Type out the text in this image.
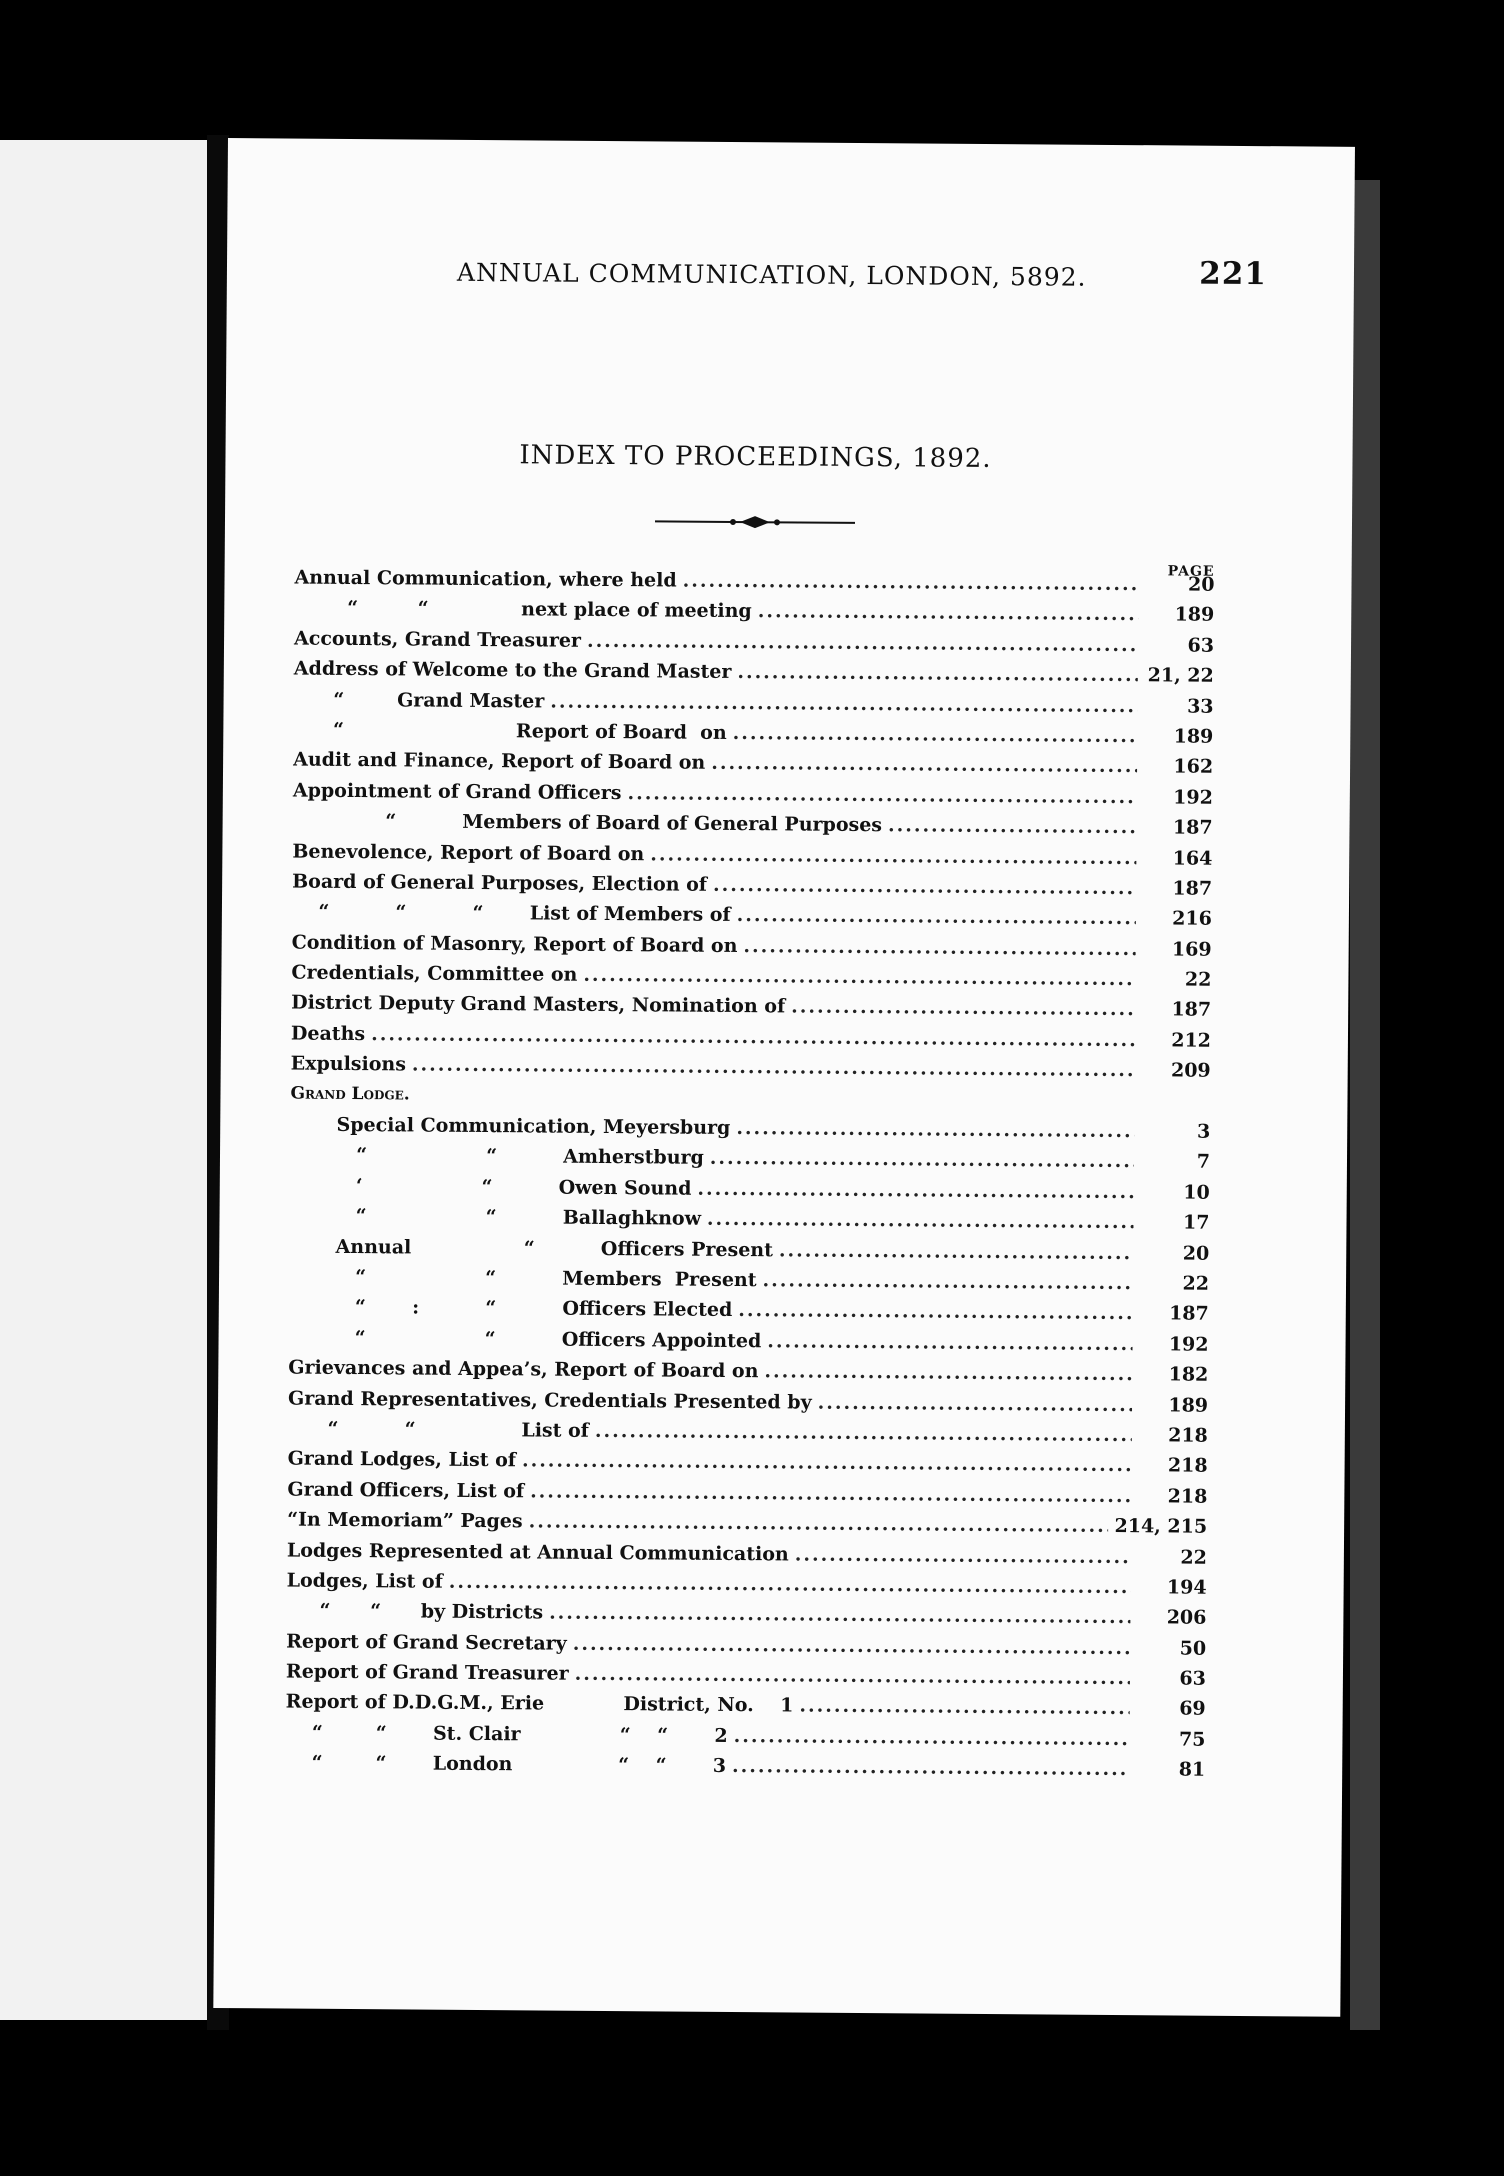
ANNUAL COMMUNICATION, LONDON, 5892.	221
INDEX TO PROCEEDINGS, 1892.
PAGE
Annual Communication, where held .....	20
“         “              next place of meeting .....	189
Accounts, Grand Treasurer .....	63
Address of Welcome to the Grand Master .....	21, 22
“        Grand Master .....	33
“                          Report of Board  on .....	189
Audit and Finance, Report of Board on .....	162
Appointment of Grand Officers .....	192
“          Members of Board of General Purposes .....	187
Benevolence, Report of Board on .....	164
Board of General Purposes, Election of .....	187
“          “          “       List of Members of .....	216
Condition of Masonry, Report of Board on .....	169
Credentials, Committee on .....	22
District Deputy Grand Masters, Nomination of .....	187
Deaths .....	212
Expulsions .....	209
Grand Lodge.
Special Communication, Meyersburg .....	3
“                  “          Amherstburg .....	7
‘                  “          Owen Sound .....	10
“                  “          Ballaghknow .....	17
Annual                 “          Officers Present .....	20
“                  “          Members  Present .....	22
“       :          “          Officers Elected .....	187
“                  “          Officers Appointed .....	192
Grievances and Appea’s, Report of Board on .....	182
Grand Representatives, Credentials Presented by .....	189
“          “                List of .....	218
Grand Lodges, List of .....	218
Grand Officers, List of .....	218
“In Memoriam” Pages .....	214, 215
Lodges Represented at Annual Communication .....	22
Lodges, List of .....	194
“      “      by Districts .....	206
Report of Grand Secretary .....	50
Report of Grand Treasurer .....	63
Report of D.D.G.M., Erie            District, No.    1 .....	69
“        “       St. Clair               “    “       2 .....	75
“        “       London                “    “       3 .....	81
